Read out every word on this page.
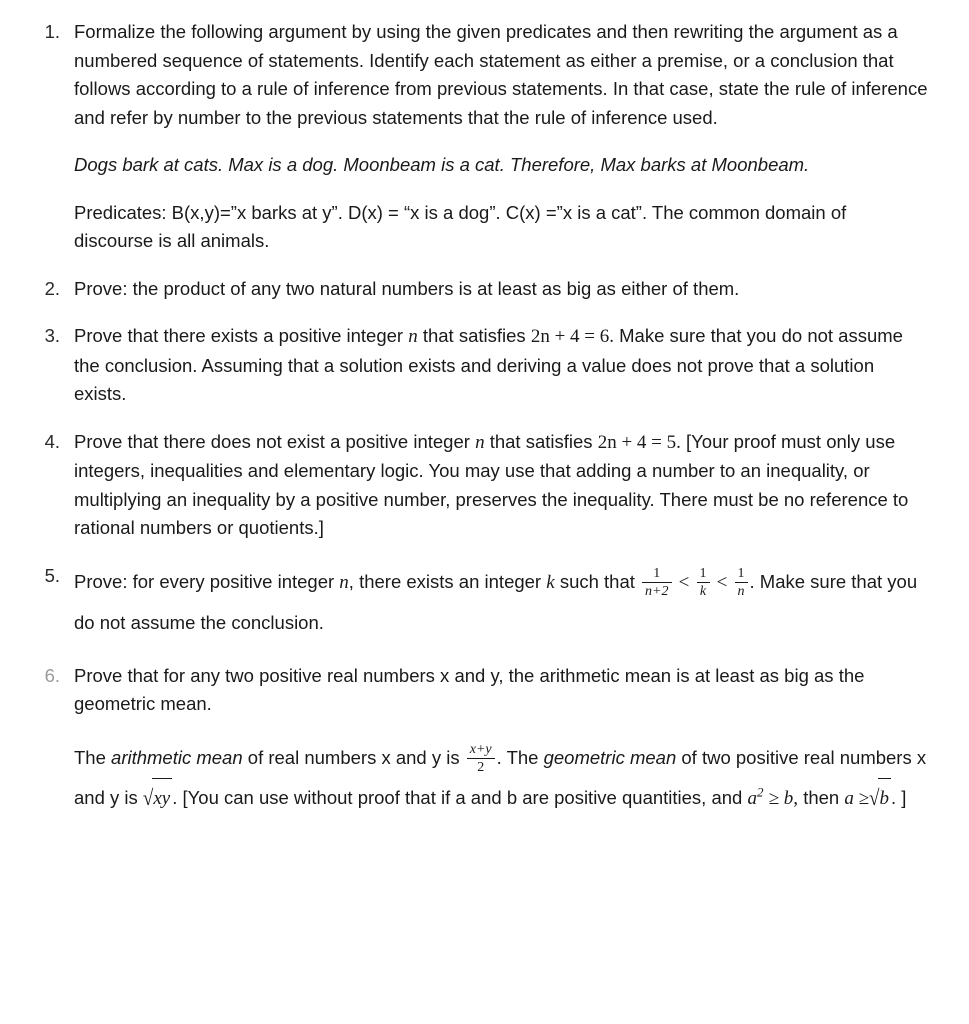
1. Formalize the following argument by using the given predicates and then rewriting the argument as a numbered sequence of statements. Identify each statement as either a premise, or a conclusion that follows according to a rule of inference from previous statements. In that case, state the rule of inference and refer by number to the previous statements that the rule of inference used.

Dogs bark at cats. Max is a dog. Moonbeam is a cat. Therefore, Max barks at Moonbeam.

Predicates: B(x,y)=”x barks at y”. D(x) = “x is a dog”. C(x) =”x is a cat”. The common domain of discourse is all animals.

2. Prove: the product of any two natural numbers is at least as big as either of them.

3. Prove that there exists a positive integer n that satisfies 2n + 4 = 6. Make sure that you do not assume the conclusion. Assuming that a solution exists and deriving a value does not prove that a solution exists.
4. Prove that there does not exist a positive integer n that satisfies 2n + 4 = 5. [Your proof must only use integers, inequalities and elementary logic. You may use that adding a number to an inequality, or multiplying an inequality by a positive number, preserves the inequality. There must be no reference to rational numbers or quotients.]
5. Prove: for every positive integer n, there exists an integer k such that $\frac{1}{n+2} < \frac{1}{k} < \frac{1}{n}$ . Make sure that you do not assume the conclusion.
6. Prove that for any two positive real numbers x and y, the arithmetic mean is at least as big as the geometric mean.

The arithmetic mean of real numbers x and y is $\frac{x+y}{2}$ . The geometric mean of two positive real numbers x and y is √xy . [You can use without proof that if a and b are positive quantities, and $a^2 \ge b$, then a ≥√b . ]
